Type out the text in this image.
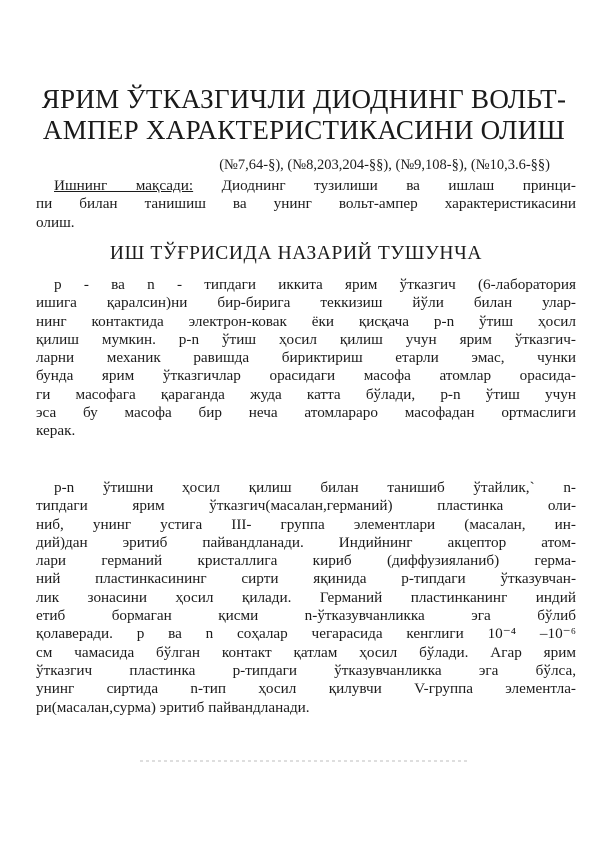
ЯРИМ ЎТКАЗГИЧЛИ ДИОДНИНГ ВОЛЬТ-
АМПЕР ХАРАКТЕРИСТИКАСИНИ ОЛИШ
(№7,64-§), (№8,203,204-§§), (№9,108-§), (№10,3.6-§§)
Ишнинг мақсади: Диоднинг тузилиши ва ишлаш принци-
пи билан танишиш ва унинг вольт-ампер характеристикасини
олиш.
ИШ ТЎҒРИСИДА НАЗАРИЙ ТУШУНЧА
р - ва n - типдаги иккита ярим ўтказгич (6-лаборатория
ишига қаралсин)ни бир-бирига теккизиш йўли билан улар-
нинг контактида электрон-ковак ёки қисқача р-n ўтиш ҳосил
қилиш мумкин. р-n ўтиш ҳосил қилиш учун ярим ўтказгич-
ларни механик равишда бириктириш етарли эмас, чунки
бунда ярим ўтказгичлар орасидаги масофа атомлар орасида-
ги масофага қараганда жуда катта бўлади, р-n ўтиш учун
эса бу масофа бир неча атомлараро масофадан ортмаслиги
керак.
р-n ўтишни ҳосил қилиш билан танишиб ўтайлик,` n-
типдаги ярим ўтказгич(масалан,германий) пластинка оли-
ниб, унинг устига III- группа элементлари (масалан, ин-
дий)дан эритиб пайвандланади. Индийнинг акцептор атом-
лари германий кристаллига кириб (диффузияланиб) герма-
ний пластинкасининг сирти яқинида р-типдаги ўтказувчан-
лик зонасини ҳосил қилади. Германий пластинканинг индий
етиб бормаган қисми n-ўтказувчанликка эга бўлиб
қолаверади. р ва n соҳалар чегарасида кенглиги 10⁻⁴ –10⁻⁶
см чамасида бўлган контакт қатлам ҳосил бўлади. Агар ярим
ўтказгич пластинка р-типдаги ўтказувчанликка эга бўлса,
унинг сиртида n-тип ҳосил қилувчи V-группа элементла-
ри(масалан,сурма) эритиб пайвандланади.
